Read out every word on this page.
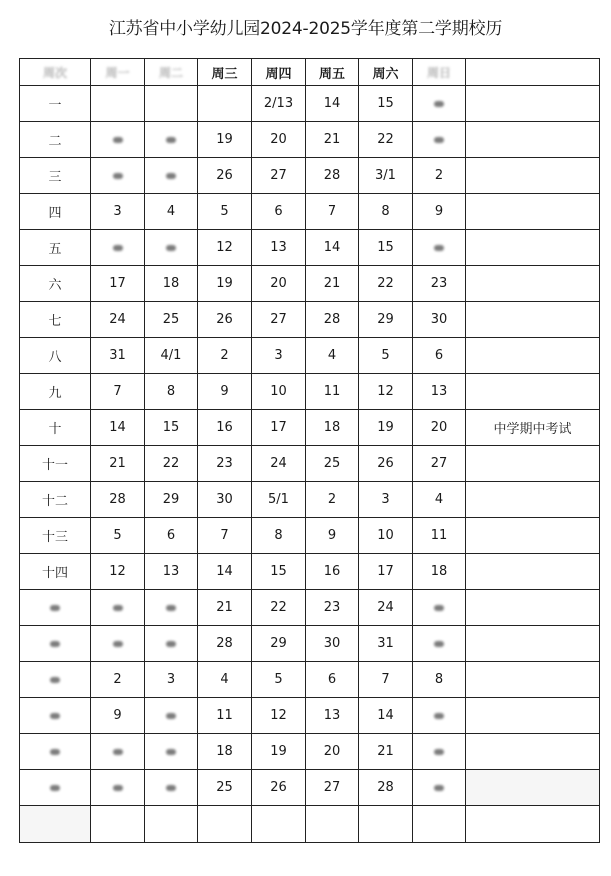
江苏省中小学幼儿园2024-2025学年度第二学期校历
周次	周一	周二	周三	周四	周五	周六	周日	
一				2/13	14	15		
二			19	20	21	22		
三			26	27	28	3/1	2	
四	3	4	5	6	7	8	9	
五			12	13	14	15		
六	17	18	19	20	21	22	23	
七	24	25	26	27	28	29	30	
八	31	4/1	2	3	4	5	6	
九	7	8	9	10	11	12	13	
十	14	15	16	17	18	19	20	中学期中考试
十一	21	22	23	24	25	26	27	
十二	28	29	30	5/1	2	3	4	
十三	5	6	7	8	9	10	11	
十四	12	13	14	15	16	17	18	
			21	22	23	24		
			28	29	30	31		
	2	3	4	5	6	7	8	
	9		11	12	13	14		
			18	19	20	21		
			25	26	27	28		
